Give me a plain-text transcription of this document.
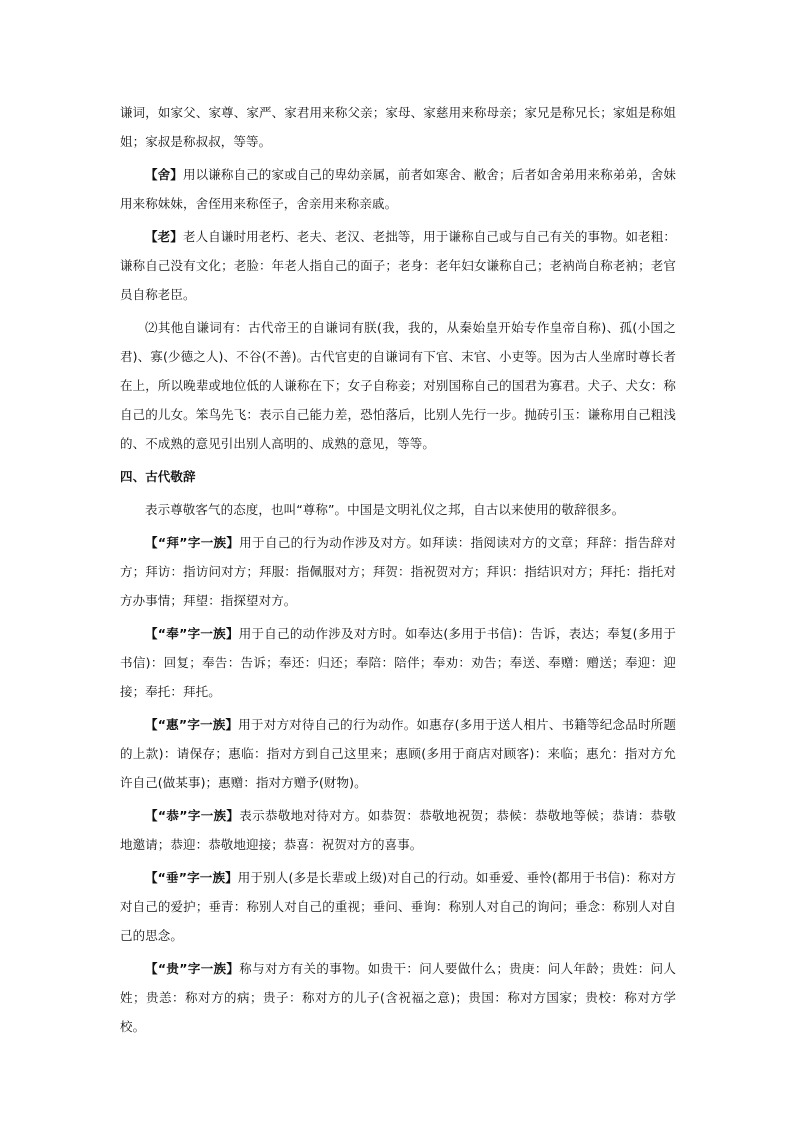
谦词，如家父、家尊、家严、家君用来称父亲；家母、家慈用来称母亲；家兄是称兄长；家姐是称姐姐；家叔是称叔叔，等等。

【舍】用以谦称自己的家或自己的卑幼亲属，前者如寒舍、敝舍；后者如舍弟用来称弟弟，舍妹用来称妹妹，舍侄用来称侄子，舍亲用来称亲戚。

【老】老人自谦时用老朽、老夫、老汉、老拙等，用于谦称自己或与自己有关的事物。如老粗：谦称自己没有文化；老脸：年老人指自己的面子；老身：老年妇女谦称自己；老衲尚自称老衲；老官员自称老臣。

⑵其他自谦词有：古代帝王的自谦词有朕(我，我的，从秦始皇开始专作皇帝自称)、孤(小国之君)、寡(少德之人)、不谷(不善)。古代官吏的自谦词有下官、末官、小吏等。因为古人坐席时尊长者在上，所以晚辈或地位低的人谦称在下；女子自称妾；对别国称自己的国君为寡君。犬子、犬女：称自己的儿女。笨鸟先飞：表示自己能力差，恐怕落后，比别人先行一步。抛砖引玉：谦称用自己粗浅的、不成熟的意见引出别人高明的、成熟的意见，等等。

四、古代敬辞

表示尊敬客气的态度，也叫“尊称”。中国是文明礼仪之邦，自古以来使用的敬辞很多。

【“拜”字一族】用于自己的行为动作涉及对方。如拜读：指阅读对方的文章；拜辞：指告辞对方；拜访：指访问对方；拜服：指佩服对方；拜贺：指祝贺对方；拜识：指结识对方；拜托：指托对方办事情；拜望：指探望对方。

【“奉”字一族】用于自己的动作涉及对方时。如奉达(多用于书信)：告诉，表达；奉复(多用于书信)：回复；奉告：告诉；奉还：归还；奉陪：陪伴；奉劝：劝告；奉送、奉赠：赠送；奉迎：迎接；奉托：拜托。

【“惠”字一族】用于对方对待自己的行为动作。如惠存(多用于送人相片、书籍等纪念品时所题的上款)：请保存；惠临：指对方到自己这里来；惠顾(多用于商店对顾客)：来临；惠允：指对方允许自己(做某事)；惠赠：指对方赠予(财物)。

【“恭”字一族】表示恭敬地对待对方。如恭贺：恭敬地祝贺；恭候：恭敬地等候；恭请：恭敬地邀请；恭迎：恭敬地迎接；恭喜：祝贺对方的喜事。

【“垂”字一族】用于别人(多是长辈或上级)对自己的行动。如垂爱、垂怜(都用于书信)：称对方对自己的爱护；垂青：称别人对自己的重视；垂问、垂询：称别人对自己的询问；垂念：称别人对自己的思念。

【“贵”字一族】称与对方有关的事物。如贵干：问人要做什么；贵庚：问人年龄；贵姓：问人姓；贵恙：称对方的病；贵子：称对方的儿子(含祝福之意)；贵国：称对方国家；贵校：称对方学校。
